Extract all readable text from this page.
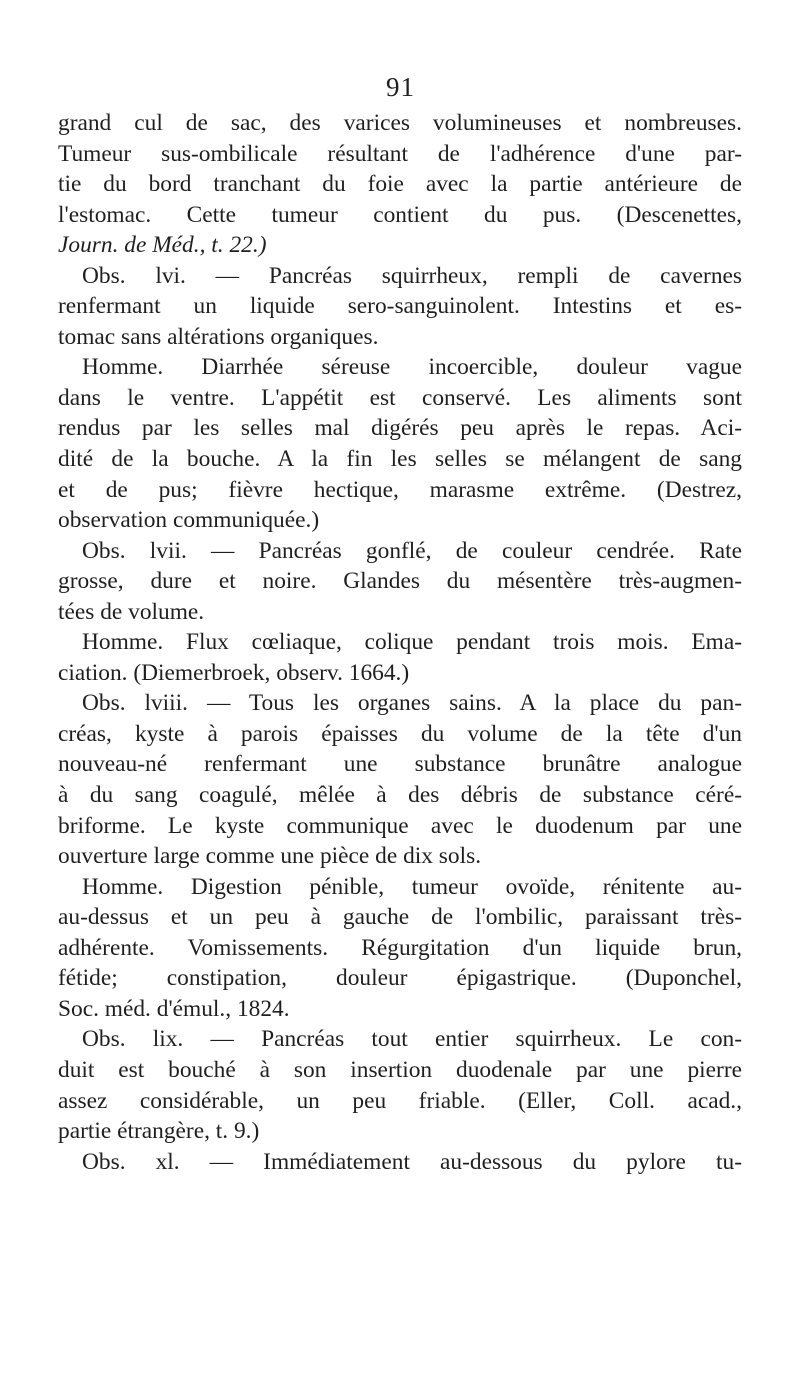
91
grand cul de sac, des varices volumineuses et nombreuses.
Tumeur sus-ombilicale résultant de l'adhérence d'une par-
tie du bord tranchant du foie avec la partie antérieure de
l'estomac. Cette tumeur contient du pus. (Descenettes,
Journ. de Méd., t. 22.)
Obs. lvi. — Pancréas squirrheux, rempli de cavernes
renfermant un liquide sero-sanguinolent. Intestins et es-
tomac sans altérations organiques.
Homme. Diarrhée séreuse incoercible, douleur vague
dans le ventre. L'appétit est conservé. Les aliments sont
rendus par les selles mal digérés peu après le repas. Aci-
dité de la bouche. A la fin les selles se mélangent de sang
et de pus; fièvre hectique, marasme extrême. (Destrez,
observation communiquée.)
Obs. lvii. — Pancréas gonflé, de couleur cendrée. Rate
grosse, dure et noire. Glandes du mésentère très-augmen-
tées de volume.
Homme. Flux cœliaque, colique pendant trois mois. Ema-
ciation. (Diemerbroek, observ. 1664.)
Obs. lviii. — Tous les organes sains. A la place du pan-
créas, kyste à parois épaisses du volume de la tête d'un
nouveau-né renfermant une substance brunâtre analogue
à du sang coagulé, mêlée à des débris de substance céré-
briforme. Le kyste communique avec le duodenum par une
ouverture large comme une pièce de dix sols.
Homme. Digestion pénible, tumeur ovoïde, rénitente au-
au-dessus et un peu à gauche de l'ombilic, paraissant très-
adhérente. Vomissements. Régurgitation d'un liquide brun,
fétide; constipation, douleur épigastrique. (Duponchel,
Soc. méd. d'émul., 1824.
Obs. lix. — Pancréas tout entier squirrheux. Le con-
duit est bouché à son insertion duodenale par une pierre
assez considérable, un peu friable. (Eller, Coll. acad.,
partie étrangère, t. 9.)
Obs. xl. — Immédiatement au-dessous du pylore tu-
